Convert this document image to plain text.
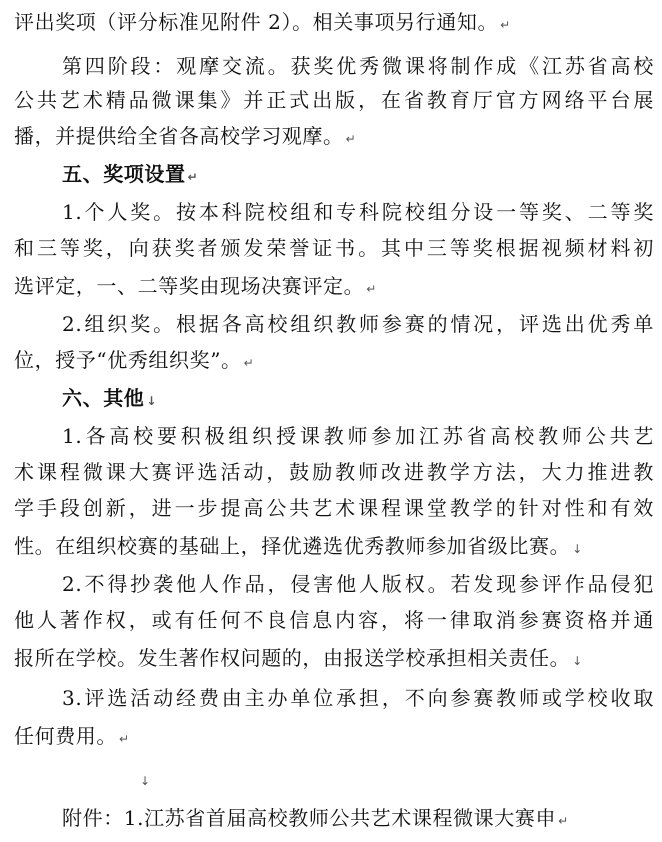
评出奖项（评分标准见附件 2）。相关事项另行通知。 ↵
第四阶段：观摩交流。获奖优秀微课将制作成《江苏省高校
公共艺术精品微课集》并正式出版，在省教育厅官方网络平台展
播，并提供给全省各高校学习观摩。 ↵
五、奖项设置 ↵
1.个人奖。按本科院校组和专科院校组分设一等奖、二等奖
和三等奖，向获奖者颁发荣誉证书。其中三等奖根据视频材料初
选评定，一、二等奖由现场决赛评定。 ↵
2.组织奖。根据各高校组织教师参赛的情况，评选出优秀单
位，授予“优秀组织奖”。 ↵
六、其他 ↓
1.各高校要积极组织授课教师参加江苏省高校教师公共艺
术课程微课大赛评选活动，鼓励教师改进教学方法，大力推进教
学手段创新，进一步提高公共艺术课程课堂教学的针对性和有效
性。在组织校赛的基础上，择优遴选优秀教师参加省级比赛。 ↓
2.不得抄袭他人作品，侵害他人版权。若发现参评作品侵犯
他人著作权，或有任何不良信息内容，将一律取消参赛资格并通
报所在学校。发生著作权问题的，由报送学校承担相关责任。 ↓
3.评选活动经费由主办单位承担，不向参赛教师或学校收取
任何费用。 ↵
附件：1.江苏省首届高校教师公共艺术课程微课大赛申 ↵
↓
